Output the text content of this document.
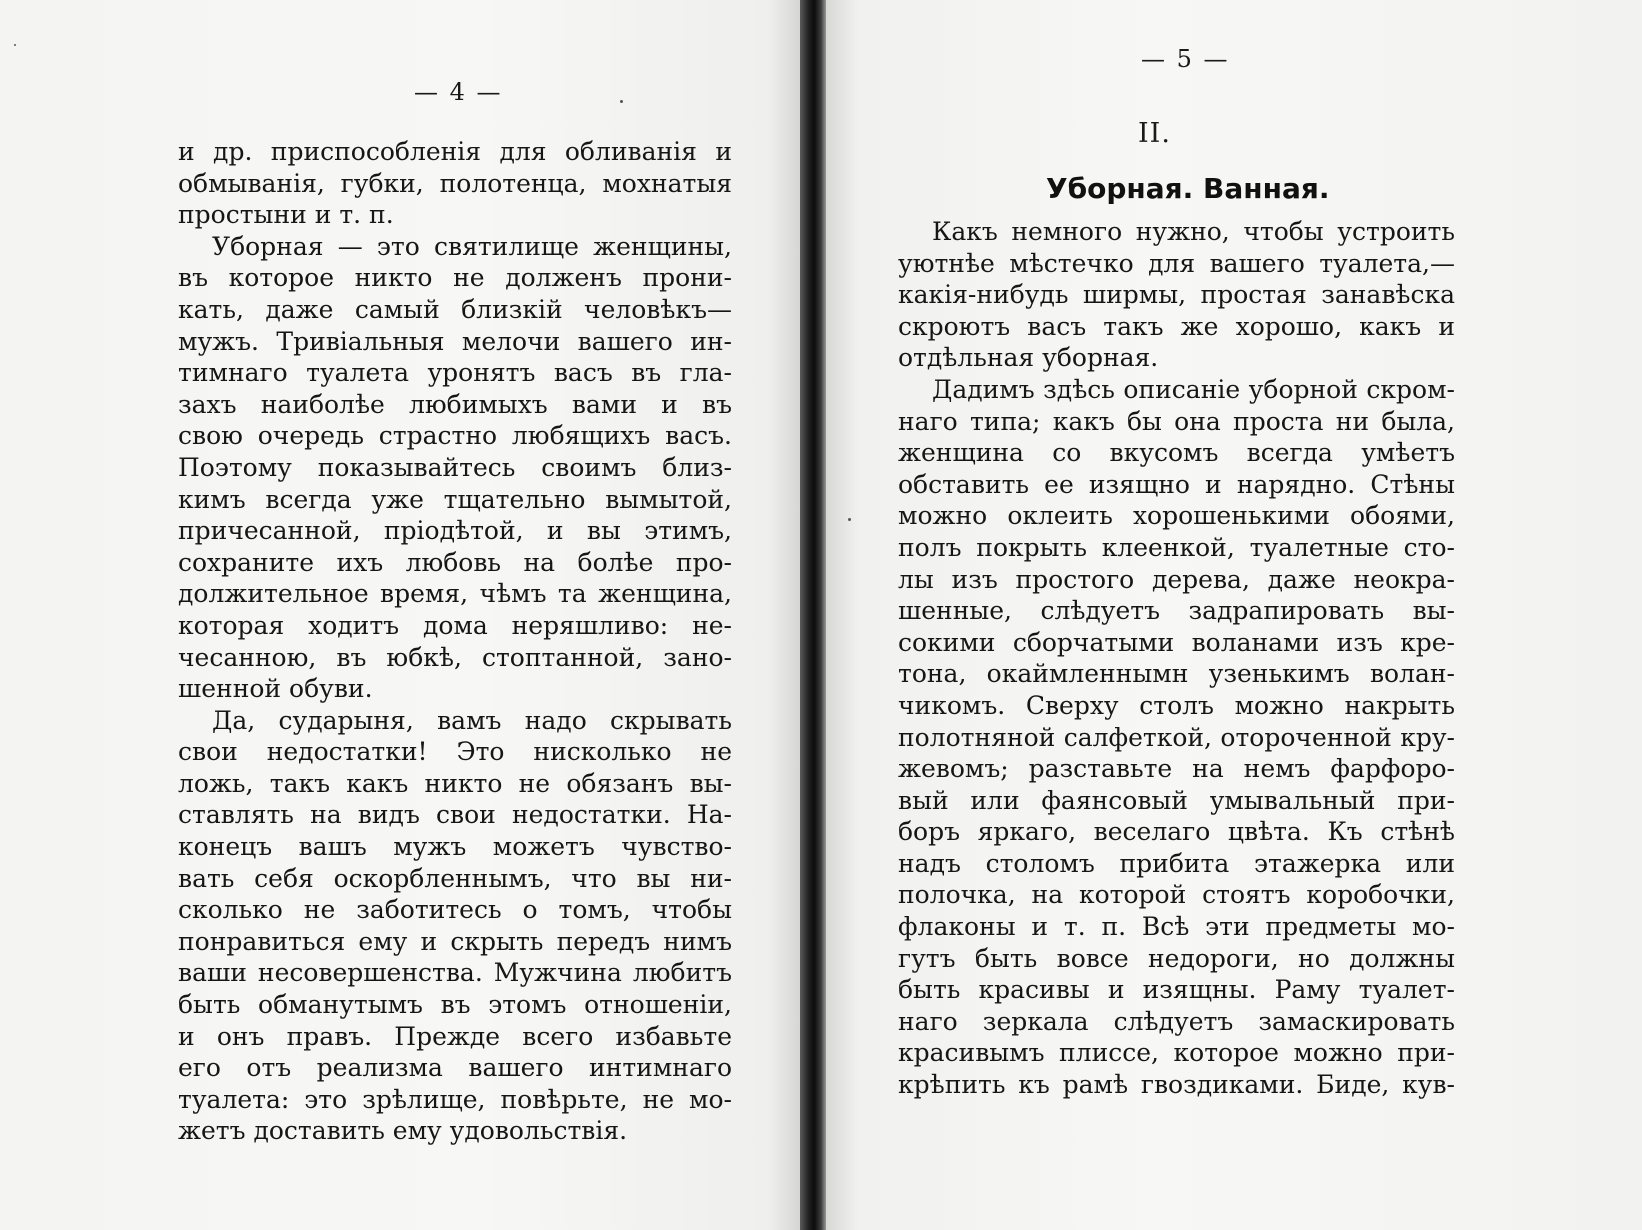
— 4 —
и др. приспособленія для обливанія и
обмыванія, губки, полотенца, мохнатыя
простыни и т. п.
Уборная — это святилище женщины,
въ которое никто не долженъ прони-
кать, даже самый близкій человѣкъ—
мужъ. Тривіальныя мелочи вашего ин-
тимнаго туалета уронятъ васъ въ гла-
захъ наиболѣе любимыхъ вами и въ
свою очередь страстно любящихъ васъ.
Поэтому показывайтесь своимъ близ-
кимъ всегда уже тщательно вымытой,
причесанной, пріодѣтой, и вы этимъ,
сохраните ихъ любовь на болѣе про-
должительное время, чѣмъ та женщина,
которая ходитъ дома неряшливо: не-
чесанною, въ юбкѣ, стоптанной, зано-
шенной обуви.
Да, сударыня, вамъ надо скрывать
свои недостатки! Это нисколько не
ложь, такъ какъ никто не обязанъ вы-
ставлять на видъ свои недостатки. На-
конецъ вашъ мужъ можетъ чувство-
вать себя оскорбленнымъ, что вы ни-
сколько не заботитесь о томъ, чтобы
понравиться ему и скрыть передъ нимъ
ваши несовершенства. Мужчина любитъ
быть обманутымъ въ этомъ отношеніи,
и онъ правъ. Прежде всего избавьте
его отъ реализма вашего интимнаго
туалета: это зрѣлище, повѣрьте, не мо-
жетъ доставить ему удовольствія.
— 5 —
II.
Уборная. Ванная.
Какъ немного нужно, чтобы устроить
уютнѣе мѣстечко для вашего туалета,—
какія-нибудь ширмы, простая занавѣска
скроютъ васъ такъ же хорошо, какъ и
отдѣльная уборная.
Дадимъ здѣсь описаніе уборной скром-
наго типа; какъ бы она проста ни была,
женщина со вкусомъ всегда умѣетъ
обставить ее изящно и нарядно. Стѣны
можно оклеить хорошенькими обоями,
полъ покрыть клеенкой, туалетные сто-
лы изъ простого дерева, даже неокра-
шенные, слѣдуетъ задрапировать вы-
сокими сборчатыми воланами изъ кре-
тона, окаймленнымн узенькимъ волан-
чикомъ. Сверху столъ можно накрыть
полотняной салфеткой, отороченной кру-
жевомъ; разставьте на немъ фарфоро-
вый или фаянсовый умывальный при-
боръ яркаго, веселаго цвѣта. Къ стѣнѣ
надъ столомъ прибита этажерка или
полочка, на которой стоятъ коробочки,
флаконы и т. п. Всѣ эти предметы мо-
гутъ быть вовсе недороги, но должны
быть красивы и изящны. Раму туалет-
наго зеркала слѣдуетъ замаскировать
красивымъ плиссе, которое можно при-
крѣпить къ рамѣ гвоздиками. Биде, кув-
